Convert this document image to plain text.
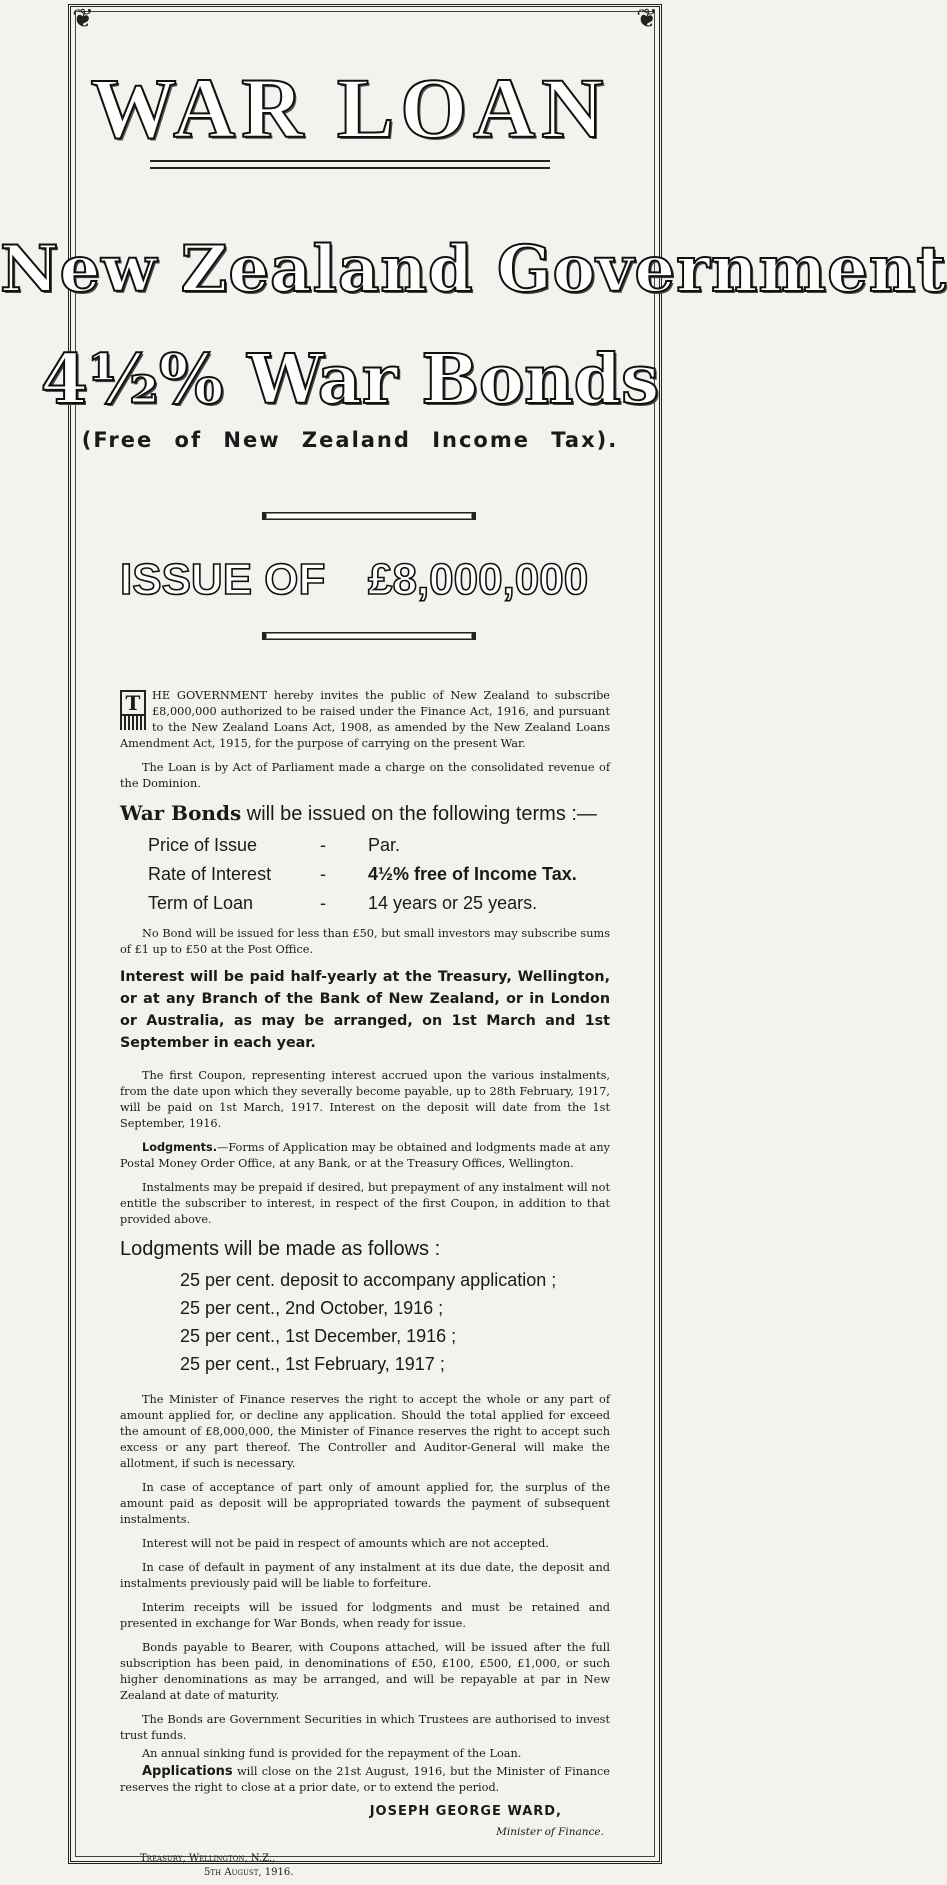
❦	❦
WAR LOAN
New Zealand Government
4½% War Bonds
(Free of New Zealand Income Tax).
ISSUE OF £8,000,000

T	HE GOVERNMENT hereby invites the public of New Zealand to subscribe £8,000,000 authorized to be raised under the Finance Act, 1916, and pursuant to the New Zealand Loans Act, 1908, as amended by the New Zealand Loans Amendment Act, 1915, for the purpose of carrying on the present War.

The Loan is by Act of Parliament made a charge on the consolidated revenue of the Dominion.

War Bonds will be issued on the following terms :—
Price of Issue	-	Par.
Rate of Interest	-	4½% free of Income Tax.
Term of Loan	-	14 years or 25 years.

No Bond will be issued for less than £50, but small investors may subscribe sums of £1 up to £50 at the Post Office.

Interest will be paid half-yearly at the Treasury, Wellington, or at any Branch of the Bank of New Zealand, or in London or Australia, as may be arranged, on 1st March and 1st September in each year.

The first Coupon, representing interest accrued upon the various instalments, from the date upon which they severally become payable, up to 28th February, 1917, will be paid on 1st March, 1917. Interest on the deposit will date from the 1st September, 1916.

Lodgments.—Forms of Application may be obtained and lodgments made at any Postal Money Order Office, at any Bank, or at the Treasury Offices, Wellington.

Instalments may be prepaid if desired, but prepayment of any instalment will not entitle the subscriber to interest, in respect of the first Coupon, in addition to that provided above.

Lodgments will be made as follows :
25 per cent. deposit to accompany application ;
25 per cent., 2nd October, 1916 ;
25 per cent., 1st December, 1916 ;
25 per cent., 1st February, 1917 ;

The Minister of Finance reserves the right to accept the whole or any part of amount applied for, or decline any application. Should the total applied for exceed the amount of £8,000,000, the Minister of Finance reserves the right to accept such excess or any part thereof. The Controller and Auditor-General will make the allotment, if such is necessary.

In case of acceptance of part only of amount applied for, the surplus of the amount paid as deposit will be appropriated towards the payment of subsequent instalments.

Interest will not be paid in respect of amounts which are not accepted.

In case of default in payment of any instalment at its due date, the deposit and instalments previously paid will be liable to forfeiture.

Interim receipts will be issued for lodgments and must be retained and presented in exchange for War Bonds, when ready for issue.

Bonds payable to Bearer, with Coupons attached, will be issued after the full subscription has been paid, in denominations of £50, £100, £500, £1,000, or such higher denominations as may be arranged, and will be repayable at par in New Zealand at date of maturity.

The Bonds are Government Securities in which Trustees are authorised to invest trust funds.

An annual sinking fund is provided for the repayment of the Loan.

Applications will close on the 21st August, 1916, but the Minister of Finance reserves the right to close at a prior date, or to extend the period.

JOSEPH GEORGE WARD,
Minister of Finance.
Treasury, Wellington, N.Z.,
5th August, 1916.
